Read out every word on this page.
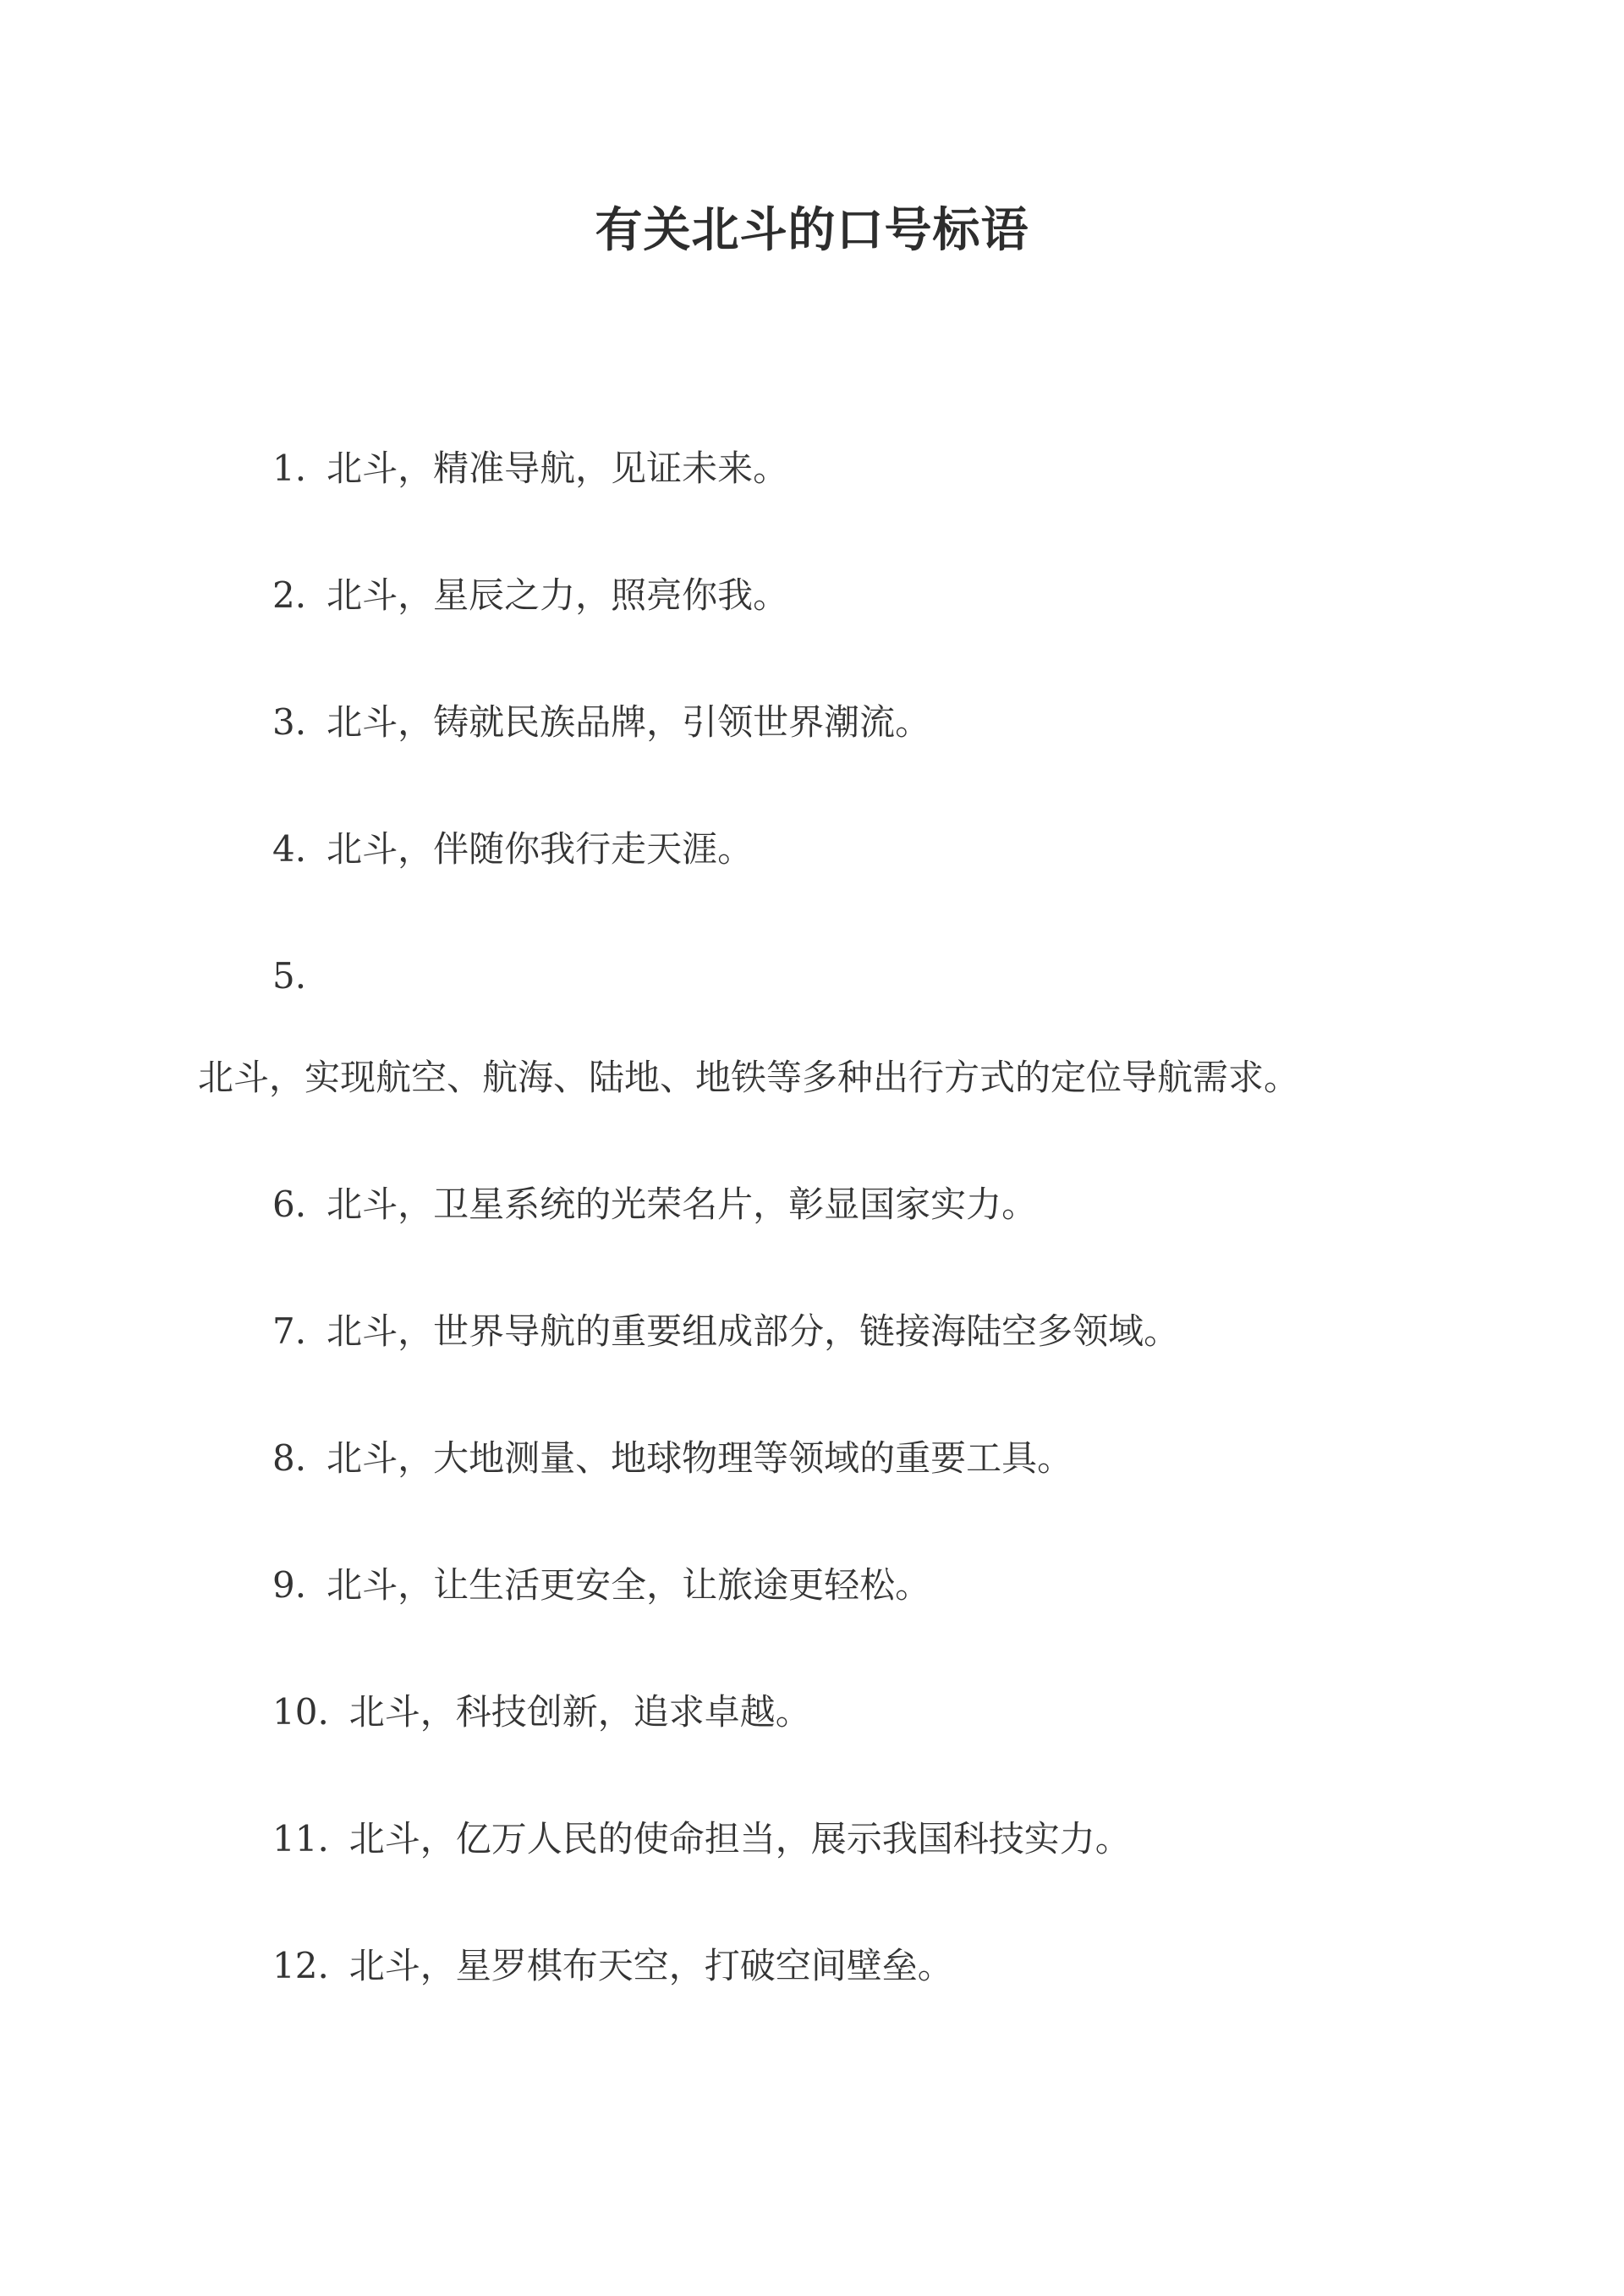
有关北斗的口号标语
1. 北斗，精准导航，见证未来。
2. 北斗，星辰之力，照亮你我。
3. 北斗，铸就民族品牌，引领世界潮流。
4. 北斗，伴随你我行走天涯。
5.
北斗，实现航空、航海、陆地、地铁等多种出行方式的定位导航需求。
6. 北斗，卫星系统的光荣名片，彰显国家实力。
7. 北斗，世界导航的重要组成部分，链接海陆空多领域。
8. 北斗，大地测量、地球物理等领域的重要工具。
9. 北斗，让生活更安全，让旅途更轻松。
10. 北斗，科技创新，追求卓越。
11. 北斗，亿万人民的使命担当，展示我国科技实力。
12. 北斗，星罗棋布天空，打破空间壁垒。
